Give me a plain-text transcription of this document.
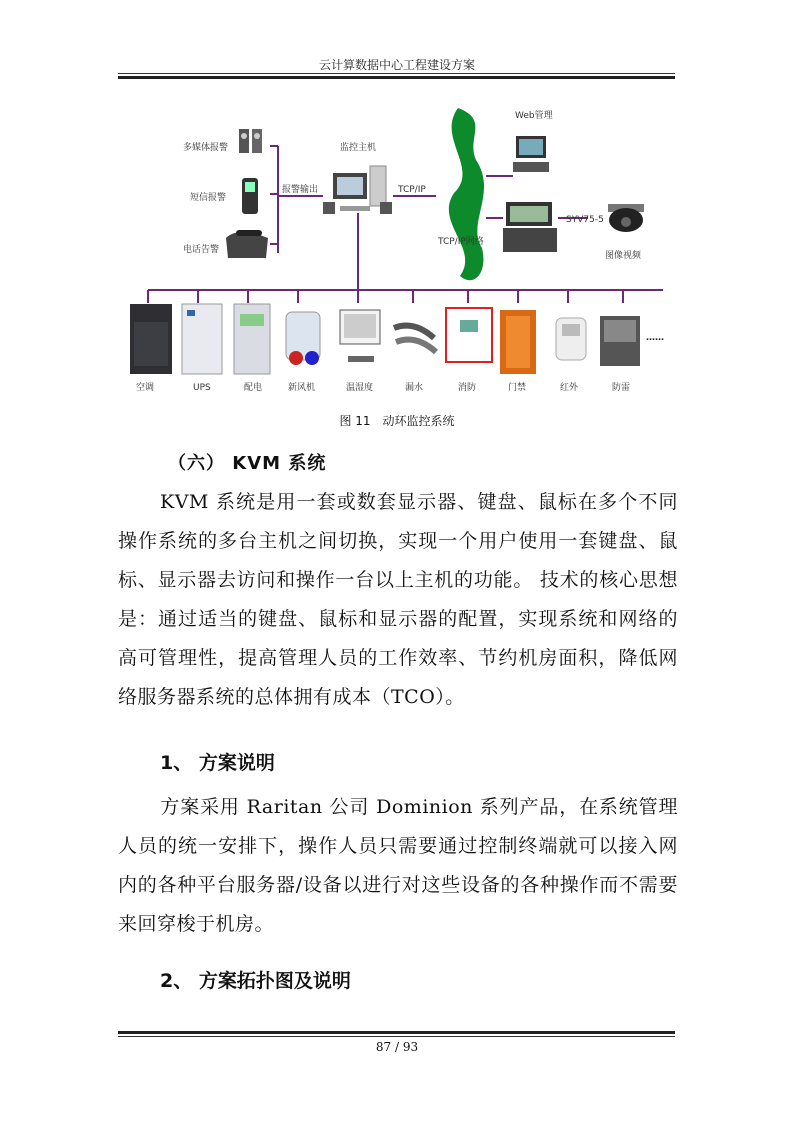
云计算数据中心工程建设方案
多媒体报警
短信报警
电话告警
报警输出
监控主机
TCP/IP
TCP/IP网络
Web管理
SYV75-5
图像视频
空调	UPS	配电	新风机	温湿度	漏水	消防	门禁	红外	防雷
……
图 11　动环监控系统
（六） KVM 系统
KVM 系统是用一套或数套显示器、键盘、鼠标在多个不同操作系统的多台主机之间切换，实现一个用户使用一套键盘、鼠标、显示器去访问和操作一台以上主机的功能。 技术的核心思想是：通过适当的键盘、鼠标和显示器的配置，实现系统和网络的高可管理性，提高管理人员的工作效率、节约机房面积，降低网络服务器系统的总体拥有成本（TCO）。
1、 方案说明
方案采用 Raritan 公司 Dominion 系列产品，在系统管理人员的统一安排下，操作人员只需要通过控制终端就可以接入网内的各种平台服务器/设备以进行对这些设备的各种操作而不需要来回穿梭于机房。
2、 方案拓扑图及说明
87 / 93
